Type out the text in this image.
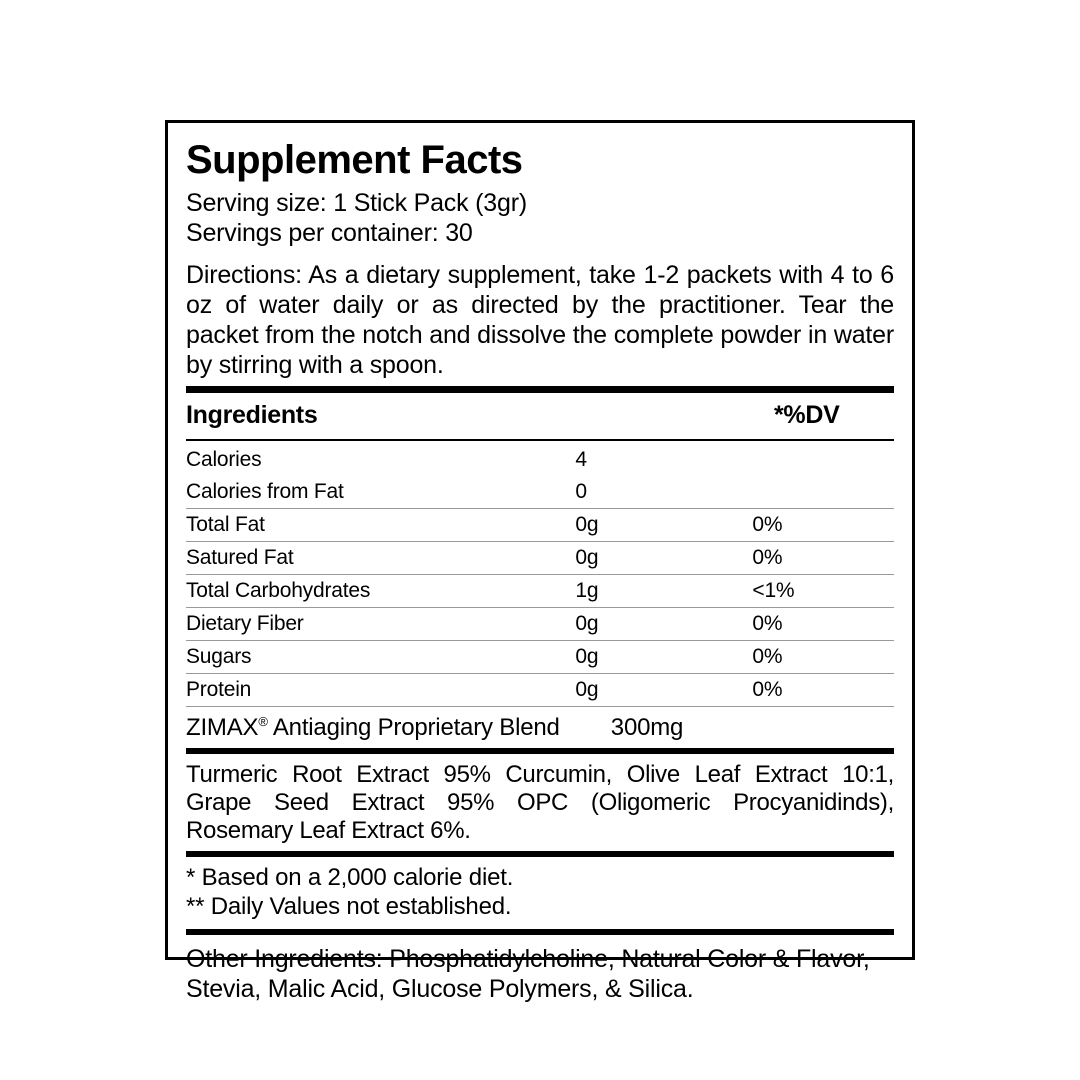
Supplement Facts
Serving size: 1 Stick Pack (3gr)
Servings per container: 30
Directions: As a dietary supplement, take 1-2 packets with 4 to 6 oz of water daily or as directed by the practitioner. Tear the packet from the notch and dissolve the complete powder in water by stirring with a spoon.
Ingredients	*%DV
Calories	4	
Calories from Fat	0	
Total Fat	0g	0%
Satured Fat	0g	0%
Total Carbohydrates	1g	<1%
Dietary Fiber	0g	0%
Sugars	0g	0%
Protein	0g	0%
ZIMAX® Antiaging Proprietary Blend	300mg
Turmeric Root Extract 95% Curcumin, Olive Leaf Extract 10:1, Grape Seed Extract 95% OPC (Oligomeric Procyanidinds), Rosemary Leaf Extract 6%.
* Based on a 2,000 calorie diet.
** Daily Values not established.
Other Ingredients: Phosphatidylcholine, Natural Color & Flavor, Stevia, Malic Acid, Glucose Polymers, & Silica.
